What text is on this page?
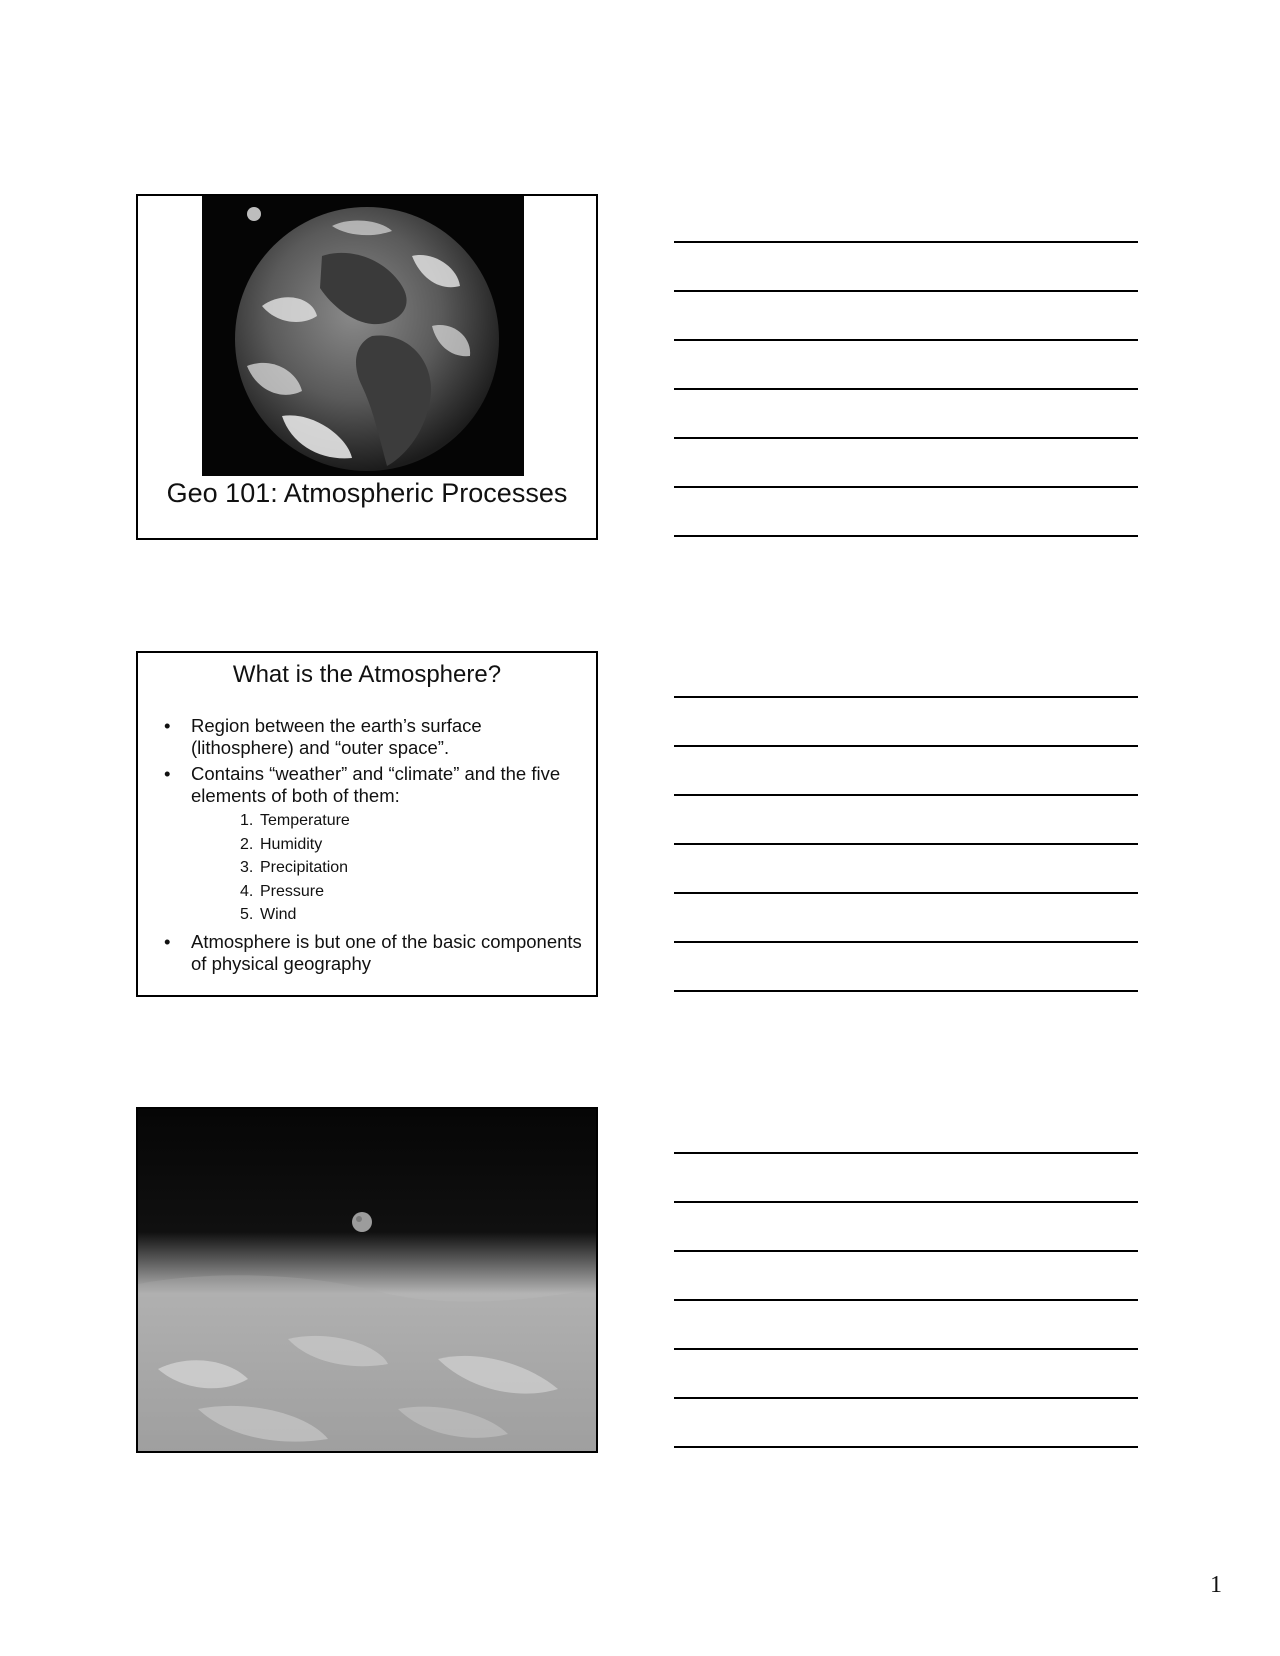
Geo 101: Atmospheric Processes
What is the Atmosphere?
• Region between the earth’s surface (lithosphere) and “outer space”.
• Contains “weather” and “climate” and the five elements of both of them:
1. Temperature
2. Humidity
3. Precipitation
4. Pressure
5. Wind
• Atmosphere is but one of the basic components of physical geography
1
